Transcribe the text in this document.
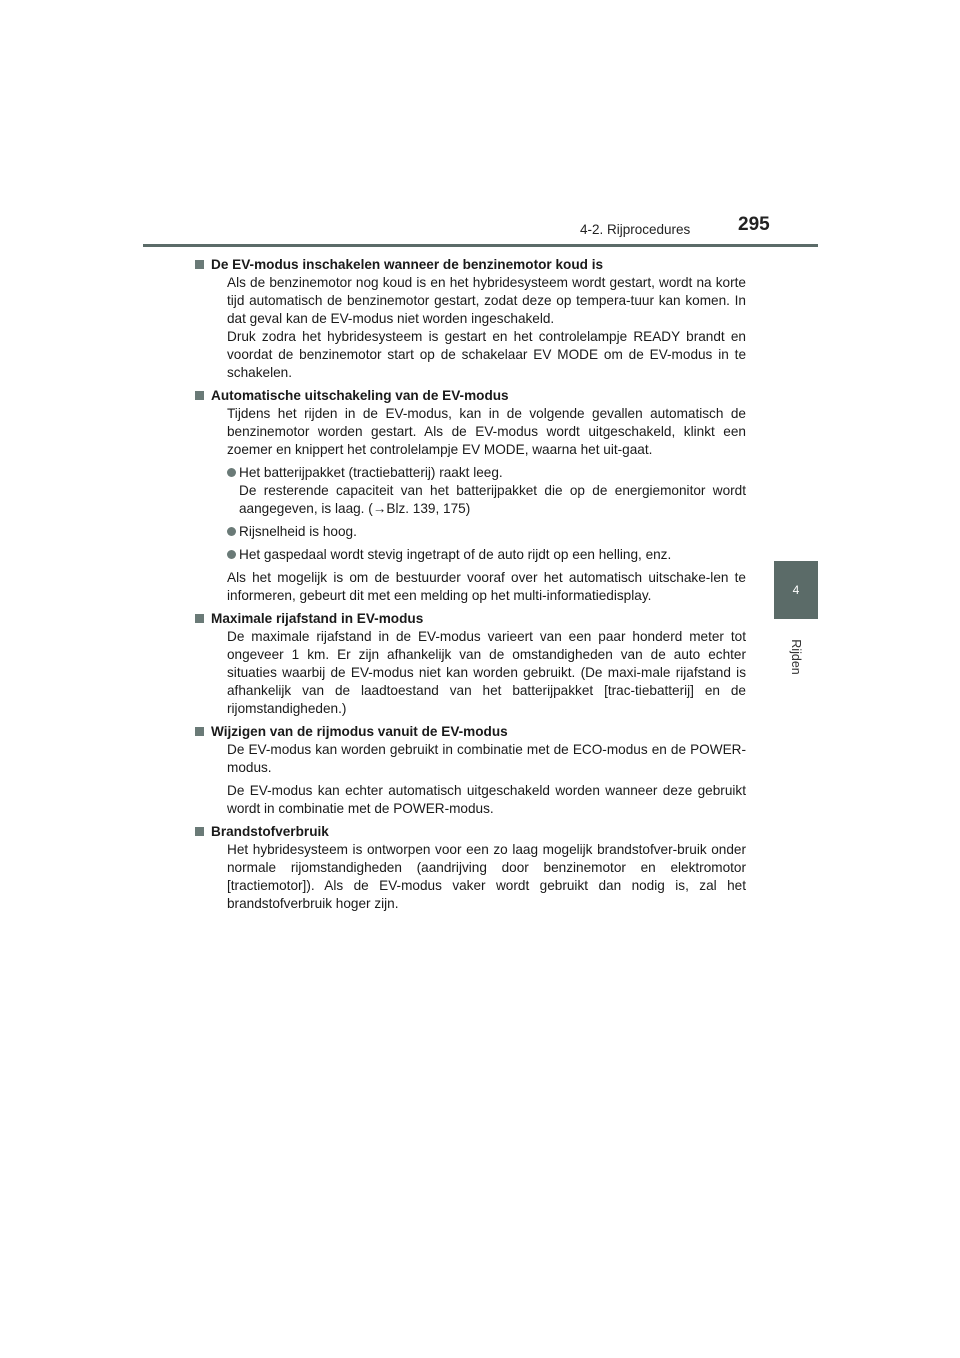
4-2. Rijprocedures	295
4
Rijden
De EV-modus inschakelen wanneer de benzinemotor koud is

Als de benzinemotor nog koud is en het hybridesysteem wordt gestart, wordt na korte tijd automatisch de benzinemotor gestart, zodat deze op tempera-tuur kan komen. In dat geval kan de EV-modus niet worden ingeschakeld.

Druk zodra het hybridesysteem is gestart en het controlelampje READY brandt en voordat de benzinemotor start op de schakelaar EV MODE om de EV-modus in te schakelen.

Automatische uitschakeling van de EV-modus

Tijdens het rijden in de EV-modus, kan in de volgende gevallen automatisch de benzinemotor worden gestart. Als de EV-modus wordt uitgeschakeld, klinkt een zoemer en knippert het controlelampje EV MODE, waarna het uit-gaat.

Het batterijpakket (tractiebatterij) raakt leeg.
De resterende capaciteit van het batterijpakket die op de energiemonitor wordt aangegeven, is laag. (→Blz. 139, 175)
Rijsnelheid is hoog.
Het gaspedaal wordt stevig ingetrapt of de auto rijdt op een helling, enz.

Als het mogelijk is om de bestuurder vooraf over het automatisch uitschake-len te informeren, gebeurt dit met een melding op het multi-informatiedisplay.

Maximale rijafstand in EV-modus

De maximale rijafstand in de EV-modus varieert van een paar honderd meter tot ongeveer 1 km. Er zijn afhankelijk van de omstandigheden van de auto echter situaties waarbij de EV-modus niet kan worden gebruikt. (De maxi-male rijafstand is afhankelijk van de laadtoestand van het batterijpakket [trac-tiebatterij] en de rijomstandigheden.)

Wijzigen van de rijmodus vanuit de EV-modus

De EV-modus kan worden gebruikt in combinatie met de ECO-modus en de POWER-modus.

De EV-modus kan echter automatisch uitgeschakeld worden wanneer deze gebruikt wordt in combinatie met de POWER-modus.

Brandstofverbruik

Het hybridesysteem is ontworpen voor een zo laag mogelijk brandstofver-bruik onder normale rijomstandigheden (aandrijving door benzinemotor en elektromotor [tractiemotor]). Als de EV-modus vaker wordt gebruikt dan nodig is, zal het brandstofverbruik hoger zijn.
